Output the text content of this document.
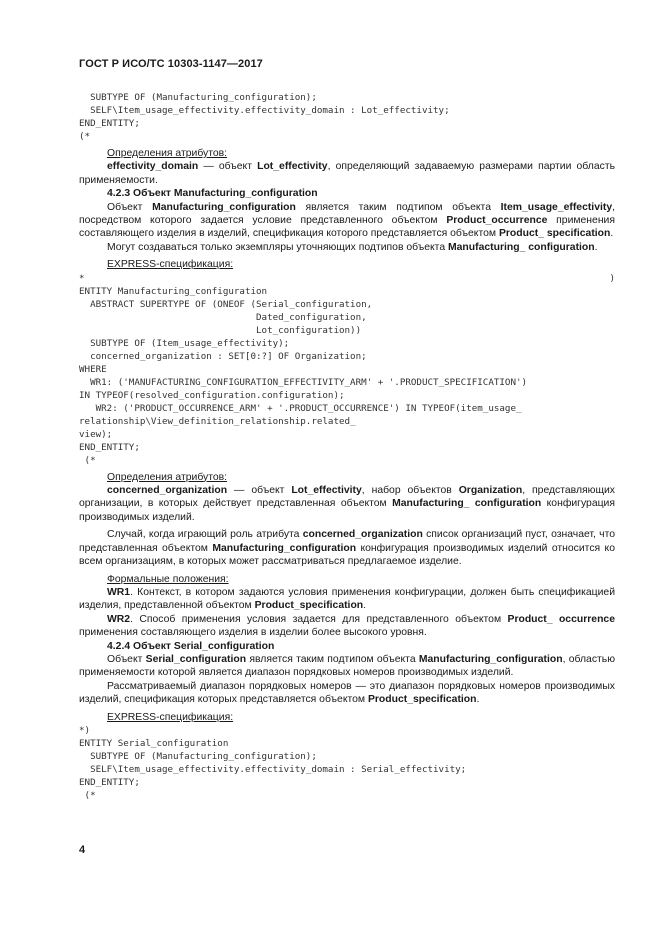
ГОСТ Р ИСО/ТС 10303-1147—2017
SUBTYPE OF (Manufacturing_configuration);
SELF\Item_usage_effectivity.effectivity_domain : Lot_effectivity;
END_ENTITY;
(*

Определения атрибутов:

effectivity_domain — объект Lot_effectivity, определяющий задаваемую размерами партии область применяемости.

4.2.3 Объект Manufacturing_configuration

Объект Manufacturing_configuration является таким подтипом объекта Item_usage_effectivity, посредством которого задается условие представленного объектом Product_occurrence применения составляющего изделия в изделий, спецификация которого представляется объектом Product_ specification.

Могут создаваться только экземпляры уточняющих подтипов объекта Manufacturing_ configuration.

EXPRESS-спецификация:

*	)
ENTITY Manufacturing_configuration
ABSTRACT SUPERTYPE OF (ONEOF (Serial_configuration,
Dated_configuration,
Lot_configuration))
SUBTYPE OF (Item_usage_effectivity);
concerned_organization : SET[0:?] OF Organization;
WHERE
WR1: ('MANUFACTURING_CONFIGURATION_EFFECTIVITY_ARM' + '.PRODUCT_SPECIFICATION')
IN TYPEOF(resolved_configuration.configuration);
WR2: ('PRODUCT_OCCURRENCE_ARM' + '.PRODUCT_OCCURRENCE') IN TYPEOF(item_usage_
relationship\View_definition_relationship.related_
view);
END_ENTITY;
(*

Определения атрибутов:

concerned_organization — объект Lot_effectivity, набор объектов Organization, представляющих организации, в которых действует представленная объектом Manufacturing_ configuration конфигурация производимых изделий.

Случай, когда играющий роль атрибута concerned_organization список организаций пуст, означает, что представленная объектом Manufacturing_configuration конфигурация производимых изделий относится ко всем организациям, в которых может рассматриваться предлагаемое изделие.

Формальные положения:

WR1. Контекст, в котором задаются условия применения конфигурации, должен быть спецификацией изделия, представленной объектом Product_specification.

WR2. Способ применения условия задается для представленного объектом Product_ occurrence применения составляющего изделия в изделии более высокого уровня.

4.2.4 Объект Serial_configuration

Объект Serial_configuration является таким подтипом объекта Manufacturing_configuration, областью применяемости которой является диапазон порядковых номеров производимых изделий.

Рассматриваемый диапазон порядковых номеров — это диапазон порядковых номеров производимых изделий, спецификация которых представляется объектом Product_specification.

EXPRESS-спецификация:

*)
ENTITY Serial_configuration
SUBTYPE OF (Manufacturing_configuration);
SELF\Item_usage_effectivity.effectivity_domain : Serial_effectivity;
END_ENTITY;
(*
4
